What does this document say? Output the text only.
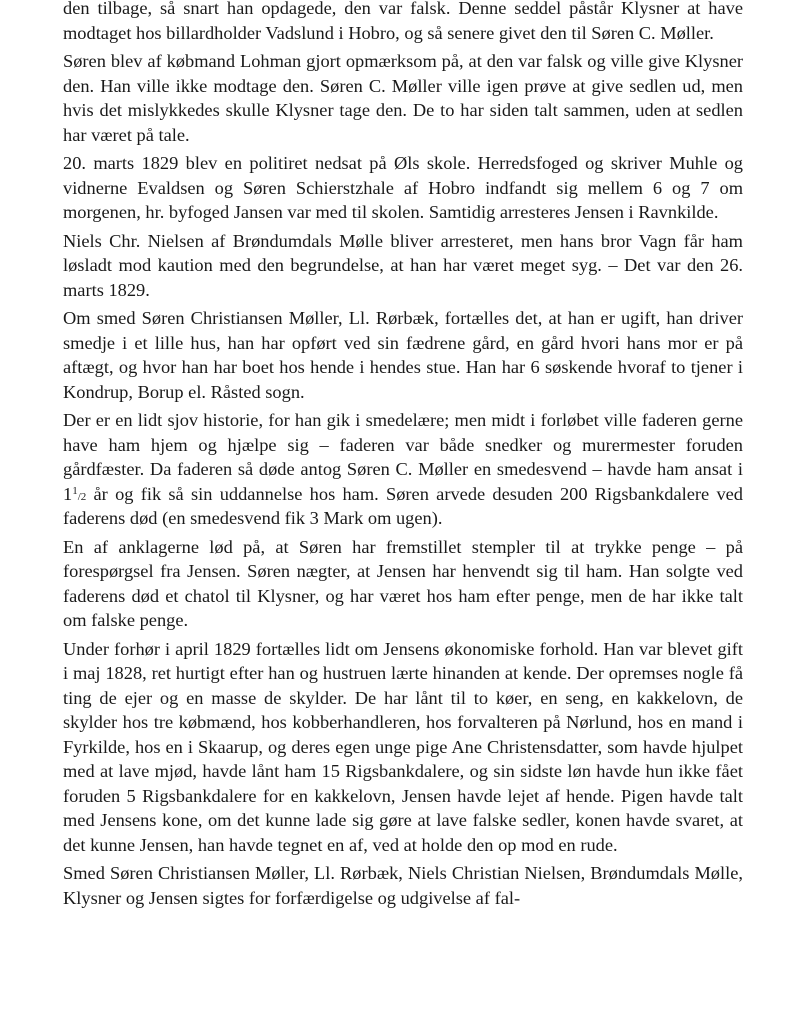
den tilbage, så snart han opdagede, den var falsk. Denne seddel påstår Klysner at have modtaget hos billardholder Vadslund i Hobro, og så senere givet den til Søren C. Møller.

Søren blev af købmand Lohman gjort opmærksom på, at den var falsk og ville give Klysner den. Han ville ikke modtage den. Søren C. Møller ville igen prøve at give sedlen ud, men hvis det mislykkedes skulle Klysner tage den. De to har siden talt sammen, uden at sedlen har været på tale.

20. marts 1829 blev en politiret nedsat på Øls skole. Herredsfoged og skriver Muhle og vidnerne Evaldsen og Søren Schierstzhale af Hobro indfandt sig mellem 6 og 7 om morgenen, hr. byfoged Jansen var med til skolen. Samtidig arresteres Jensen i Ravnkilde.

Niels Chr. Nielsen af Brøndumdals Mølle bliver arresteret, men hans bror Vagn får ham løsladt mod kaution med den begrundelse, at han har været meget syg. – Det var den 26. marts 1829.

Om smed Søren Christiansen Møller, Ll. Rørbæk, fortælles det, at han er ugift, han driver smedje i et lille hus, han har opført ved sin fædrene gård, en gård hvori hans mor er på aftægt, og hvor han har boet hos hende i hendes stue. Han har 6 søskende hvoraf to tjener i Kondrup, Borup el. Råsted sogn.

Der er en lidt sjov historie, for han gik i smedelære; men midt i forløbet ville faderen gerne have ham hjem og hjælpe sig – faderen var både snedker og murermester foruden gårdfæster. Da faderen så døde antog Søren C. Møller en smedesvend – havde ham ansat i $1^1/2$ år og fik så sin uddannelse hos ham. Søren arvede desuden 200 Rigsbankdalere ved faderens død (en smedesvend fik 3 Mark om ugen).

En af anklagerne lød på, at Søren har fremstillet stempler til at trykke penge – på forespørgsel fra Jensen. Søren nægter, at Jensen har henvendt sig til ham. Han solgte ved faderens død et chatol til Klysner, og har været hos ham efter penge, men de har ikke talt om falske penge.

Under forhør i april 1829 fortælles lidt om Jensens økonomiske forhold. Han var blevet gift i maj 1828, ret hurtigt efter han og hustruen lærte hinanden at kende. Der opremses nogle få ting de ejer og en masse de skylder. De har lånt til to køer, en seng, en kakkelovn, de skylder hos tre købmænd, hos kobberhandleren, hos forvalteren på Nørlund, hos en mand i Fyrkilde, hos en i Skaarup, og deres egen unge pige Ane Christensdatter, som havde hjulpet med at lave mjød, havde lånt ham 15 Rigsbankdalere, og sin sidste løn havde hun ikke fået foruden 5 Rigsbankdalere for en kakkelovn, Jensen havde lejet af hende. Pigen havde talt med Jensens kone, om det kunne lade sig gøre at lave falske sedler, konen havde svaret, at det kunne Jensen, han havde tegnet en af, ved at holde den op mod en rude.

Smed Søren Christiansen Møller, Ll. Rørbæk, Niels Christian Nielsen, Brøndumdals Mølle, Klysner og Jensen sigtes for forfærdigelse og udgivelse af fal-
